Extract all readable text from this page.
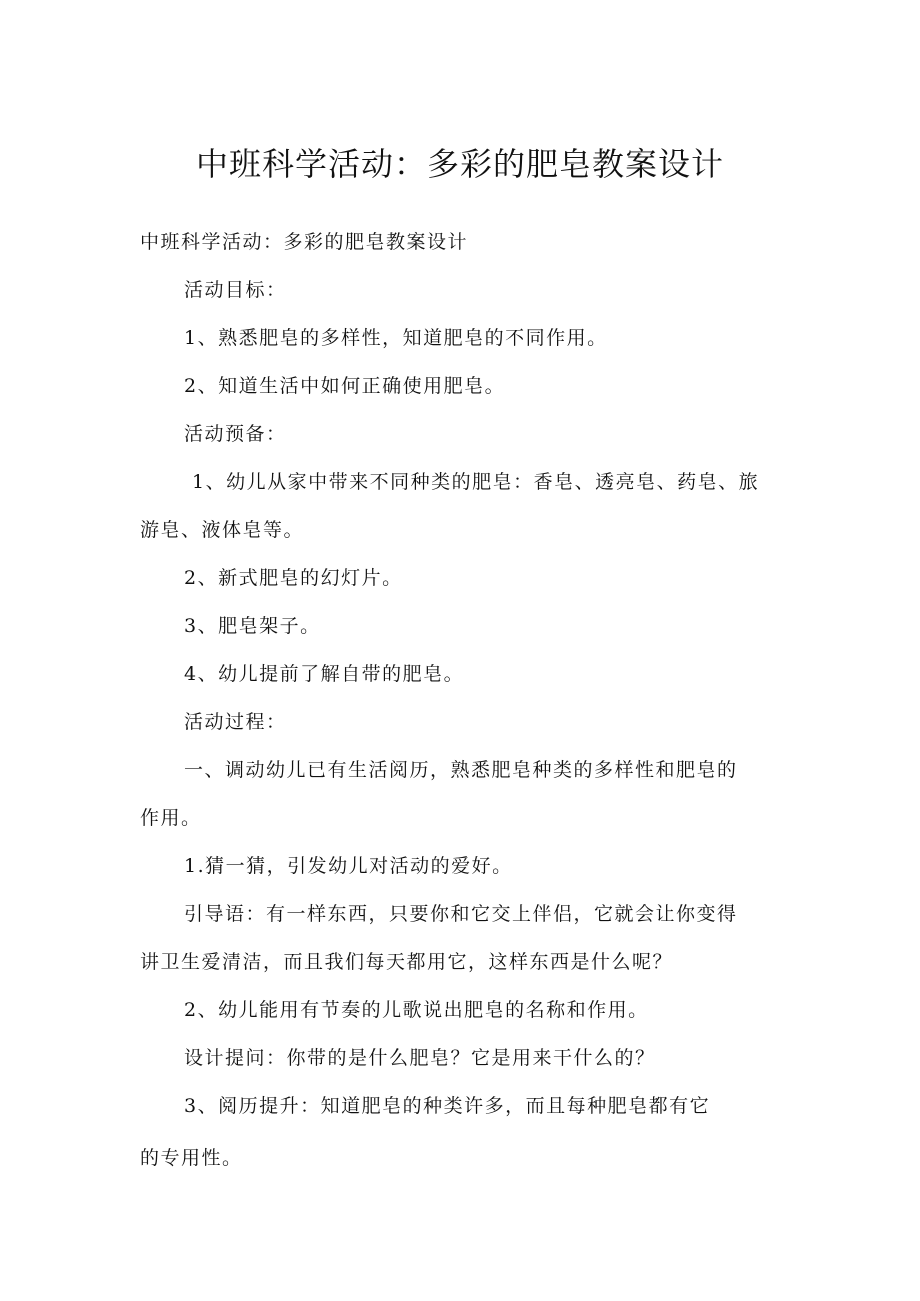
中班科学活动：多彩的肥皂教案设计

中班科学活动：多彩的肥皂教案设计

活动目标：

1、熟悉肥皂的多样性，知道肥皂的不同作用。

2、知道生活中如何正确使用肥皂。

活动预备：

1、幼儿从家中带来不同种类的肥皂：香皂、透亮皂、药皂、旅
游皂、液体皂等。

2、新式肥皂的幻灯片。

3、肥皂架子。

4、幼儿提前了解自带的肥皂。

活动过程：

一、调动幼儿已有生活阅历，熟悉肥皂种类的多样性和肥皂的
作用。

1.猜一猜，引发幼儿对活动的爱好。

引导语：有一样东西，只要你和它交上伴侣，它就会让你变得
讲卫生爱清洁，而且我们每天都用它，这样东西是什么呢？

2、幼儿能用有节奏的儿歌说出肥皂的名称和作用。

设计提问：你带的是什么肥皂？它是用来干什么的？

3、阅历提升：知道肥皂的种类许多，而且每种肥皂都有它
的专用性。
